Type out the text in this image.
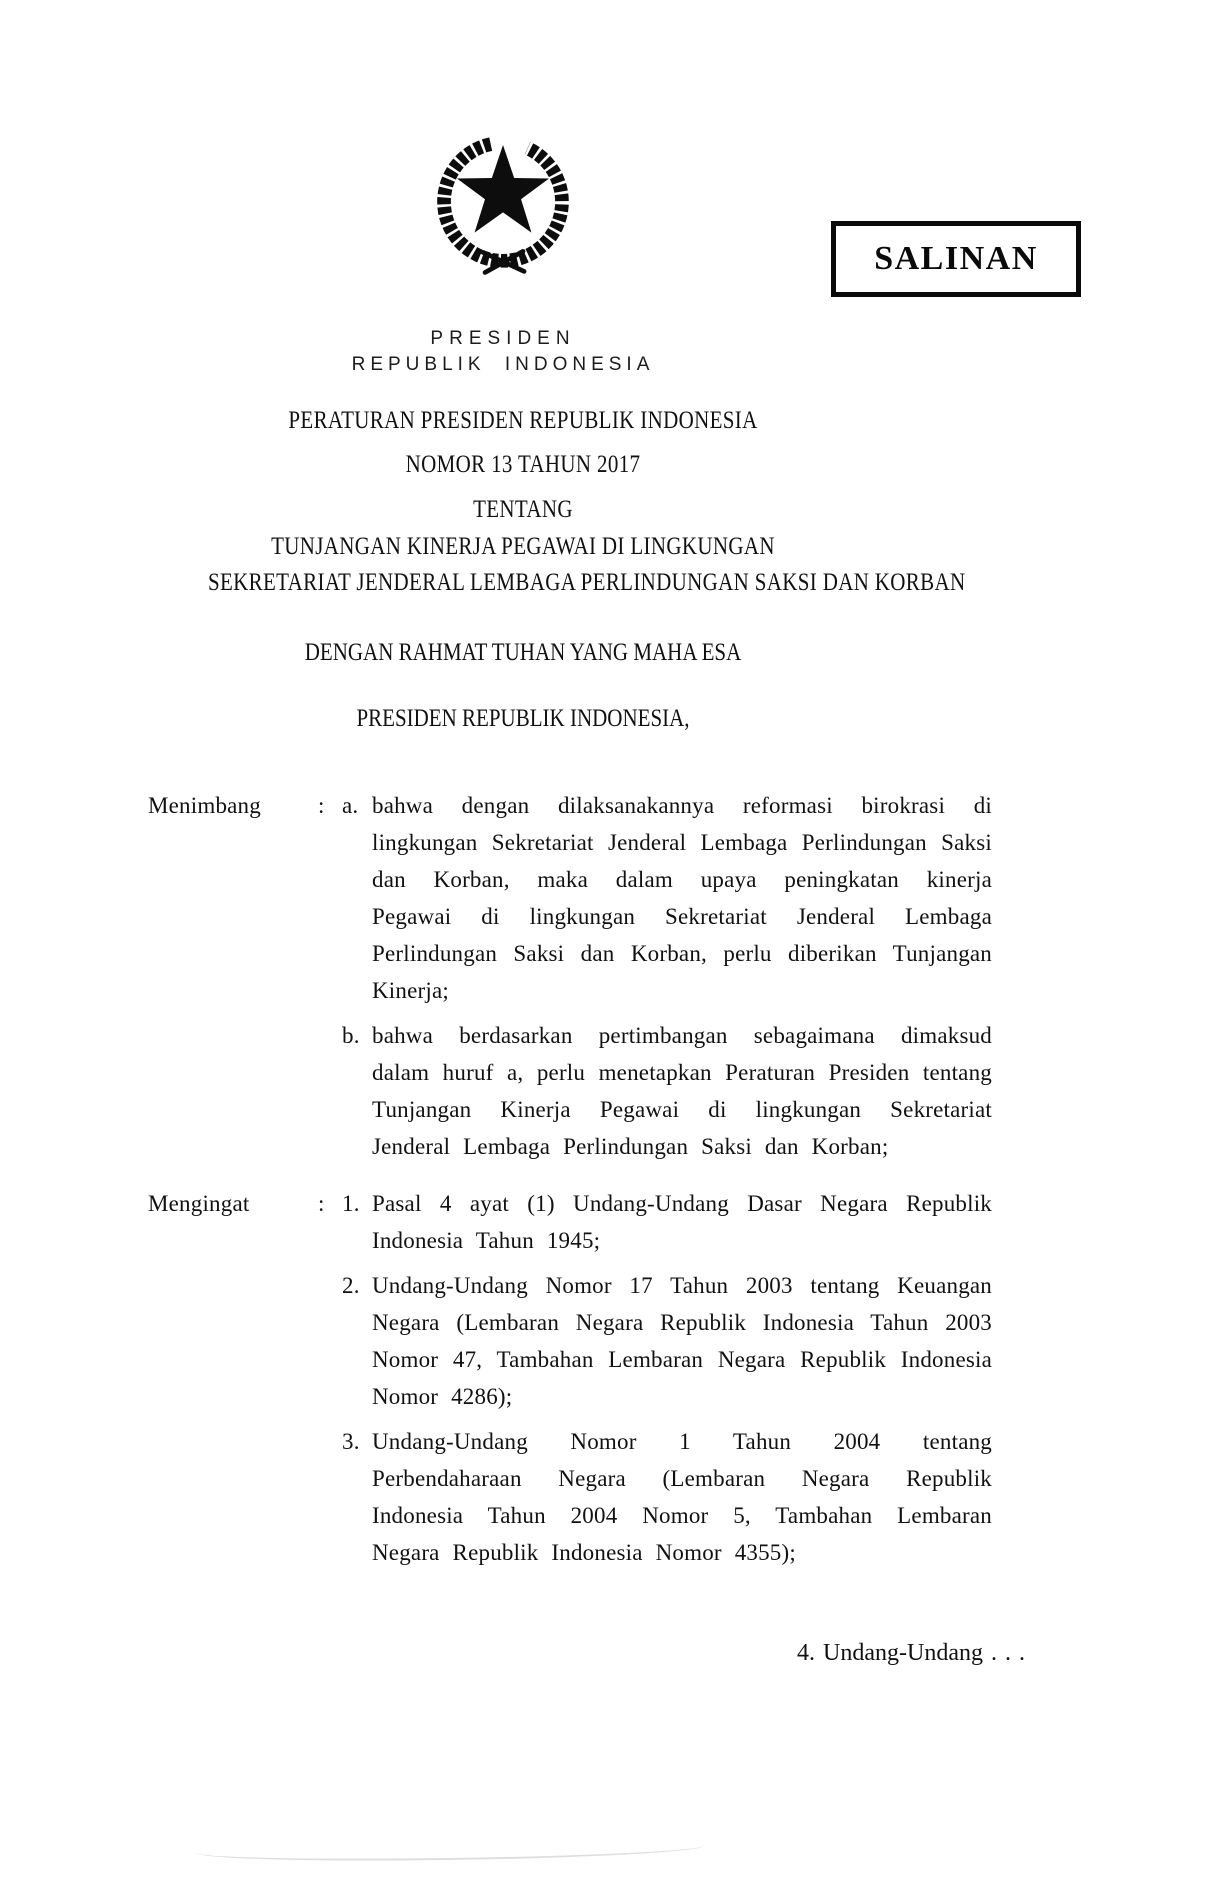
SALINAN
PRESIDEN
REPUBLIK INDONESIA
PERATURAN PRESIDEN REPUBLIK INDONESIA
NOMOR 13 TAHUN 2017
TENTANG
TUNJANGAN KINERJA PEGAWAI DI LINGKUNGAN
SEKRETARIAT JENDERAL LEMBAGA PERLINDUNGAN SAKSI DAN KORBAN
DENGAN RAHMAT TUHAN YANG MAHA ESA
PRESIDEN REPUBLIK INDONESIA,
Menimbang	: a. bahwa dengan dilaksanakannya reformasi birokrasi di lingkungan Sekretariat Jenderal Lembaga Perlindungan Saksi dan Korban, maka dalam upaya peningkatan kinerja Pegawai di lingkungan Sekretariat Jenderal Lembaga Perlindungan Saksi dan Korban, perlu diberikan Tunjangan Kinerja;
b. bahwa berdasarkan pertimbangan sebagaimana dimaksud dalam huruf a, perlu menetapkan Peraturan Presiden tentang Tunjangan Kinerja Pegawai di lingkungan Sekretariat Jenderal Lembaga Perlindungan Saksi dan Korban;
Mengingat	: 1. Pasal 4 ayat (1) Undang-Undang Dasar Negara Republik Indonesia Tahun 1945;
2. Undang-Undang Nomor 17 Tahun 2003 tentang Keuangan Negara (Lembaran Negara Republik Indonesia Tahun 2003 Nomor 47, Tambahan Lembaran Negara Republik Indonesia Nomor 4286);
3. Undang-Undang Nomor 1 Tahun 2004 tentang Perbendaharaan Negara (Lembaran Negara Republik Indonesia Tahun 2004 Nomor 5, Tambahan Lembaran Negara Republik Indonesia Nomor 4355);
4. Undang-Undang . . .
